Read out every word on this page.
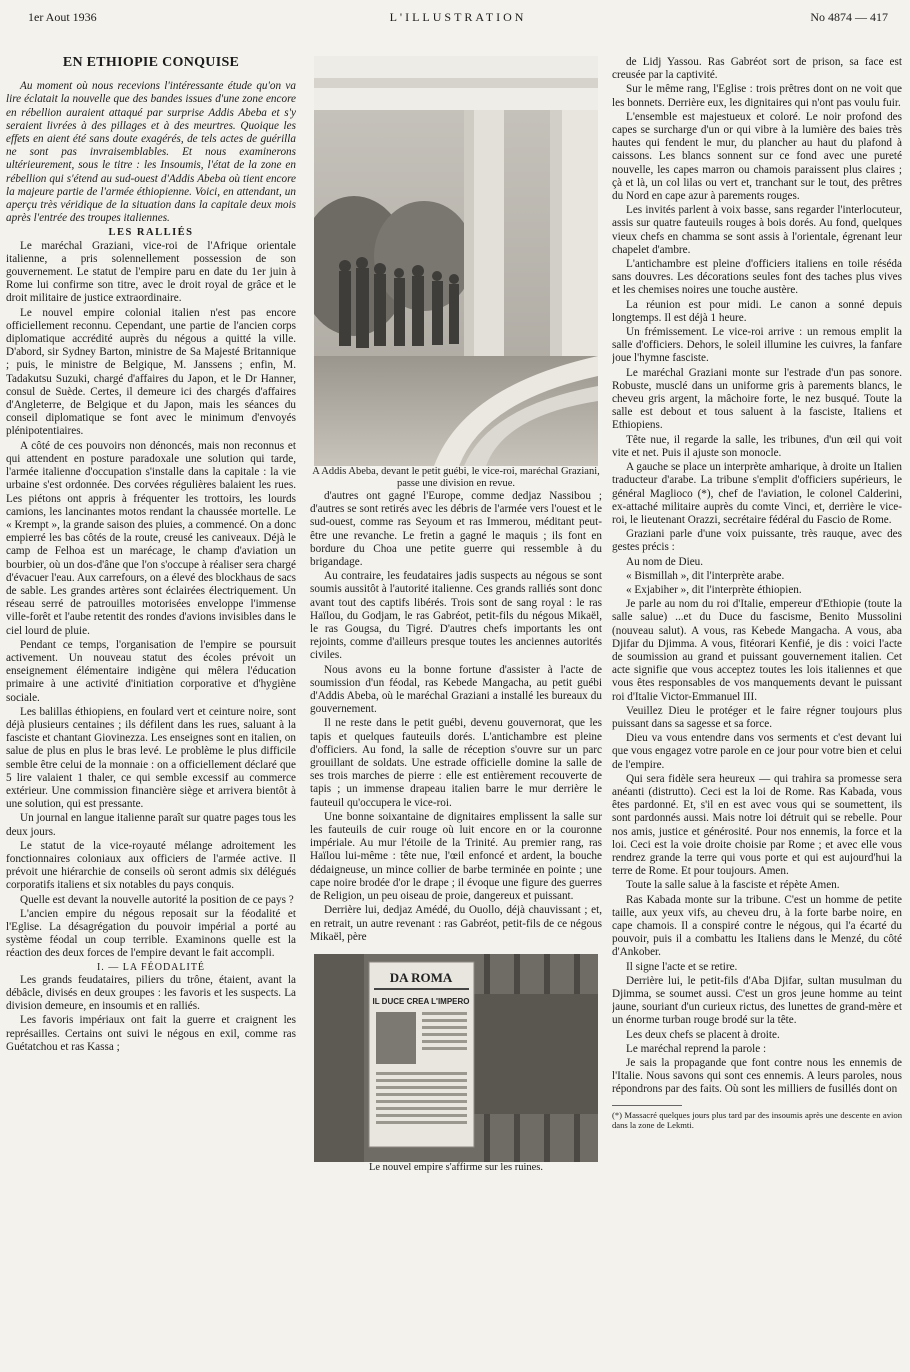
1er Aout 1936	L'ILLUSTRATION	No 4874 — 417
EN ÉTHIOPIE CONQUISE

Au moment où nous recevions l'intéressante étude qu'on va lire éclatait la nouvelle que des bandes issues d'une zone encore en rébellion auraient attaqué par surprise Addis Abeba et s'y seraient livrées à des pillages et à des meurtres. Quoique les effets en aient été sans doute exagérés, de tels actes de guérilla ne sont pas invraisemblables. Et nous examinerons ultérieurement, sous le titre : les Insoumis, l'état de la zone en rébellion qui s'étend au sud-ouest d'Addis Abeba où tient encore la majeure partie de l'armée éthiopienne. Voici, en attendant, un aperçu très véridique de la situation dans la capitale deux mois après l'entrée des troupes italiennes.

LES RALLIÉS

Le maréchal Graziani, vice-roi de l'Afrique orientale italienne, a pris solennellement possession de son gouvernement. Le statut de l'empire paru en date du 1er juin à Rome lui confirme son titre, avec le droit royal de grâce et le droit militaire de justice extraordinaire.

Le nouvel empire colonial italien n'est pas encore officiellement reconnu. Cependant, une partie de l'ancien corps diplomatique accrédité auprès du négous a quitté la ville. D'abord, sir Sydney Barton, ministre de Sa Majesté Britannique ; puis, le ministre de Belgique, M. Janssens ; enfin, M. Tadakutsu Suzuki, chargé d'affaires du Japon, et le Dr Hanner, consul de Suède. Certes, il demeure ici des chargés d'affaires d'Angleterre, de Belgique et du Japon, mais les séances du conseil diplomatique se font avec le minimum d'envoyés plénipotentiaires.

A côté de ces pouvoirs non dénoncés, mais non reconnus et qui attendent en posture paradoxale une solution qui tarde, l'armée italienne d'occupation s'installe dans la capitale : la vie urbaine s'est ordonnée. Des corvées régulières balaient les rues. Les piétons ont appris à fréquenter les trottoirs, les lourds camions, les lancinantes motos rendant la chaussée mortelle. Le « Krempt », la grande saison des pluies, a commencé. On a donc empierré les bas côtés de la route, creusé les caniveaux. Déjà le camp de Felhoa est un marécage, le champ d'aviation un bourbier, où un dos-d'âne que l'on s'occupe à réaliser sera chargé d'évacuer l'eau. Aux carrefours, on a élevé des blockhaus de sacs de sable. Les grandes artères sont éclairées électriquement. Un réseau serré de patrouilles motorisées enveloppe l'immense ville-forêt et l'aube retentit des rondes d'avions invisibles dans le ciel lourd de pluie.

Pendant ce temps, l'organisation de l'empire se poursuit activement. Un nouveau statut des écoles prévoit un enseignement élémentaire indigène qui mêlera l'éducation primaire à une activité d'initiation corporative et d'hygiène sociale.

Les balillas éthiopiens, en foulard vert et ceinture noire, sont déjà plusieurs centaines ; ils défilent dans les rues, saluant à la fasciste et chantant Giovinezza. Les enseignes sont en italien, on salue de plus en plus le bras levé. Le problème le plus difficile semble être celui de la monnaie : on a officiellement déclaré que 5 lire valaient 1 thaler, ce qui semble excessif au commerce extérieur. Une commission financière siège et arrivera bientôt à une solution, qui est pressante.

Un journal en langue italienne paraît sur quatre pages tous les deux jours.

Le statut de la vice-royauté mélange adroitement les fonctionnaires coloniaux aux officiers de l'armée active. Il prévoit une hiérarchie de conseils où seront admis six délégués corporatifs italiens et six notables du pays conquis.

Quelle est devant la nouvelle autorité la position de ce pays ?

L'ancien empire du négous reposait sur la féodalité et l'Eglise. La désagrégation du pouvoir impérial a porté au système féodal un coup terrible. Examinons quelle est la réaction des deux forces de l'empire devant le fait accompli.

I. — LA FÉODALITÉ

Les grands feudataires, piliers du trône, étaient, avant la débâcle, divisés en deux groupes : les favoris et les suspects. La division demeure, en insoumis et en ralliés.

Les favoris impériaux ont fait la guerre et craignent les représailles. Certains ont suivi le négous en exil, comme ras Guétatchou et ras Kassa ;

A Addis Abeba, devant le petit guébi, le vice-roi, maréchal Graziani, passe une division en revue.

d'autres ont gagné l'Europe, comme dedjaz Nassibou ; d'autres se sont retirés avec les débris de l'armée vers l'ouest et le sud-ouest, comme ras Seyoum et ras Immerou, méditant peut-être une revanche. Le fretin a gagné le maquis ; ils font en bordure du Choa une petite guerre qui ressemble à du brigandage.

Au contraire, les feudataires jadis suspects au négous se sont soumis aussitôt à l'autorité italienne. Ces grands ralliés sont donc avant tout des captifs libérés. Trois sont de sang royal : le ras Haïlou, du Godjam, le ras Gabréot, petit-fils du négous Mikaël, le ras Gougsa, du Tigré. D'autres chefs importants les ont rejoints, comme d'ailleurs presque toutes les anciennes autorités civiles.

Nous avons eu la bonne fortune d'assister à l'acte de soumission d'un féodal, ras Kebede Mangacha, au petit guébi d'Addis Abeba, où le maréchal Graziani a installé les bureaux du gouvernement.

Il ne reste dans le petit guébi, devenu gouvernorat, que les tapis et quelques fauteuils dorés. L'antichambre est pleine d'officiers. Au fond, la salle de réception s'ouvre sur un parc grouillant de soldats. Une estrade officielle domine la salle de ses trois marches de pierre : elle est entièrement recouverte de tapis ; un immense drapeau italien barre le mur derrière le fauteuil qu'occupera le vice-roi.

Une bonne soixantaine de dignitaires emplissent la salle sur les fauteuils de cuir rouge où luit encore en or la couronne impériale. Au mur l'étoile de la Trinité. Au premier rang, ras Haïlou lui-même : tête nue, l'œil enfoncé et ardent, la bouche dédaigneuse, un mince collier de barbe terminée en pointe ; une cape noire brodée d'or le drape ; il évoque une figure des guerres de Religion, un peu oiseau de proie, dangereux et puissant.

Derrière lui, dedjaz Amédé, du Ouollo, déjà chauvissant ; et, en retrait, un autre revenant : ras Gabréot, petit-fils de ce négous Mikaël, père

DA ROMA
IL DUCE CREA L'IMPERO

Le nouvel empire s'affirme sur les ruines.

de Lidj Yassou. Ras Gabréot sort de prison, sa face est creusée par la captivité.

Sur le même rang, l'Eglise : trois prêtres dont on ne voit que les bonnets. Derrière eux, les dignitaires qui n'ont pas voulu fuir.

L'ensemble est majestueux et coloré. Le noir profond des capes se surcharge d'un or qui vibre à la lumière des baies très hautes qui fendent le mur, du plancher au haut du plafond à caissons. Les blancs sonnent sur ce fond avec une pureté nouvelle, les capes marron ou chamois paraissent plus claires ; çà et là, un col lilas ou vert et, tranchant sur le tout, des prêtres du Nord en cape azur à parements rouges.

Les invités parlent à voix basse, sans regarder l'interlocuteur, assis sur quatre fauteuils rouges à bois dorés. Au fond, quelques vieux chefs en chamma se sont assis à l'orientale, égrenant leur chapelet d'ambre.

L'antichambre est pleine d'officiers italiens en toile réséda sans douvres. Les décorations seules font des taches plus vives et les chemises noires une touche austère.

La réunion est pour midi. Le canon a sonné depuis longtemps. Il est déjà 1 heure.

Un frémissement. Le vice-roi arrive : un remous emplit la salle d'officiers. Dehors, le soleil illumine les cuivres, la fanfare joue l'hymne fasciste.

Le maréchal Graziani monte sur l'estrade d'un pas sonore. Robuste, musclé dans un uniforme gris à parements blancs, le cheveu gris argent, la mâchoire forte, le nez busqué. Toute la salle est debout et tous saluent à la fasciste, Italiens et Ethiopiens.

Tête nue, il regarde la salle, les tribunes, d'un œil qui voit vite et net. Puis il ajuste son monocle.

A gauche se place un interprète amharique, à droite un Italien traducteur d'arabe. La tribune s'emplit d'officiers supérieurs, le général Maglioco (*), chef de l'aviation, le colonel Calderini, ex-attaché militaire auprès du comte Vinci, et, derrière le vice-roi, le lieutenant Orazzi, secrétaire fédéral du Fascio de Rome.

Graziani parle d'une voix puissante, très rauque, avec des gestes précis :

Au nom de Dieu.

« Bismillah », dit l'interprète arabe.

« Exjabiher », dit l'interprète éthiopien.

Je parle au nom du roi d'Italie, empereur d'Ethiopie (toute la salle salue) ...et du Duce du fascisme, Benito Mussolini (nouveau salut). A vous, ras Kebede Mangacha. A vous, aba Djifar du Djimma. A vous, fitéorari Kenfié, je dis : voici l'acte de soumission au grand et puissant gouvernement italien. Cet acte signifie que vous acceptez toutes les lois italiennes et que vous êtes responsables de vos manquements devant le puissant roi d'Italie Victor-Emmanuel III.

Veuillez Dieu le protéger et le faire régner toujours plus puissant dans sa sagesse et sa force.

Dieu va vous entendre dans vos serments et c'est devant lui que vous engagez votre parole en ce jour pour votre bien et celui de l'empire.

Qui sera fidèle sera heureux — qui trahira sa promesse sera anéanti (distrutto). Ceci est la loi de Rome. Ras Kabada, vous êtes pardonné. Et, s'il en est avec vous qui se soumettent, ils sont pardonnés aussi. Mais notre loi détruit qui se rebelle. Pour nos amis, justice et générosité. Pour nos ennemis, la force et la loi. Ceci est la voie droite choisie par Rome ; et avec elle vous rendrez grande la terre qui vous porte et qui est aujourd'hui la terre de Rome. Et pour toujours. Amen.

Toute la salle salue à la fasciste et répète Amen.

Ras Kabada monte sur la tribune. C'est un homme de petite taille, aux yeux vifs, au cheveu dru, à la forte barbe noire, en cape chamois. Il a conspiré contre le négous, qui l'a écarté du pouvoir, puis il a combattu les Italiens dans le Menzé, du côté d'Ankober.

Il signe l'acte et se retire.

Derrière lui, le petit-fils d'Aba Djifar, sultan musulman du Djimma, se soumet aussi. C'est un gros jeune homme au teint jaune, souriant d'un curieux rictus, des lunettes de grand-mère et un énorme turban rouge brodé sur la tête.

Les deux chefs se placent à droite.

Le maréchal reprend la parole :

Je sais la propagande que font contre nous les ennemis de l'Italie. Nous savons qui sont ces ennemis. A leurs paroles, nous répondrons par des faits. Où sont les milliers de fusillés dont on

(*) Massacré quelques jours plus tard par des insoumis après une descente en avion dans la zone de Lekmti.
